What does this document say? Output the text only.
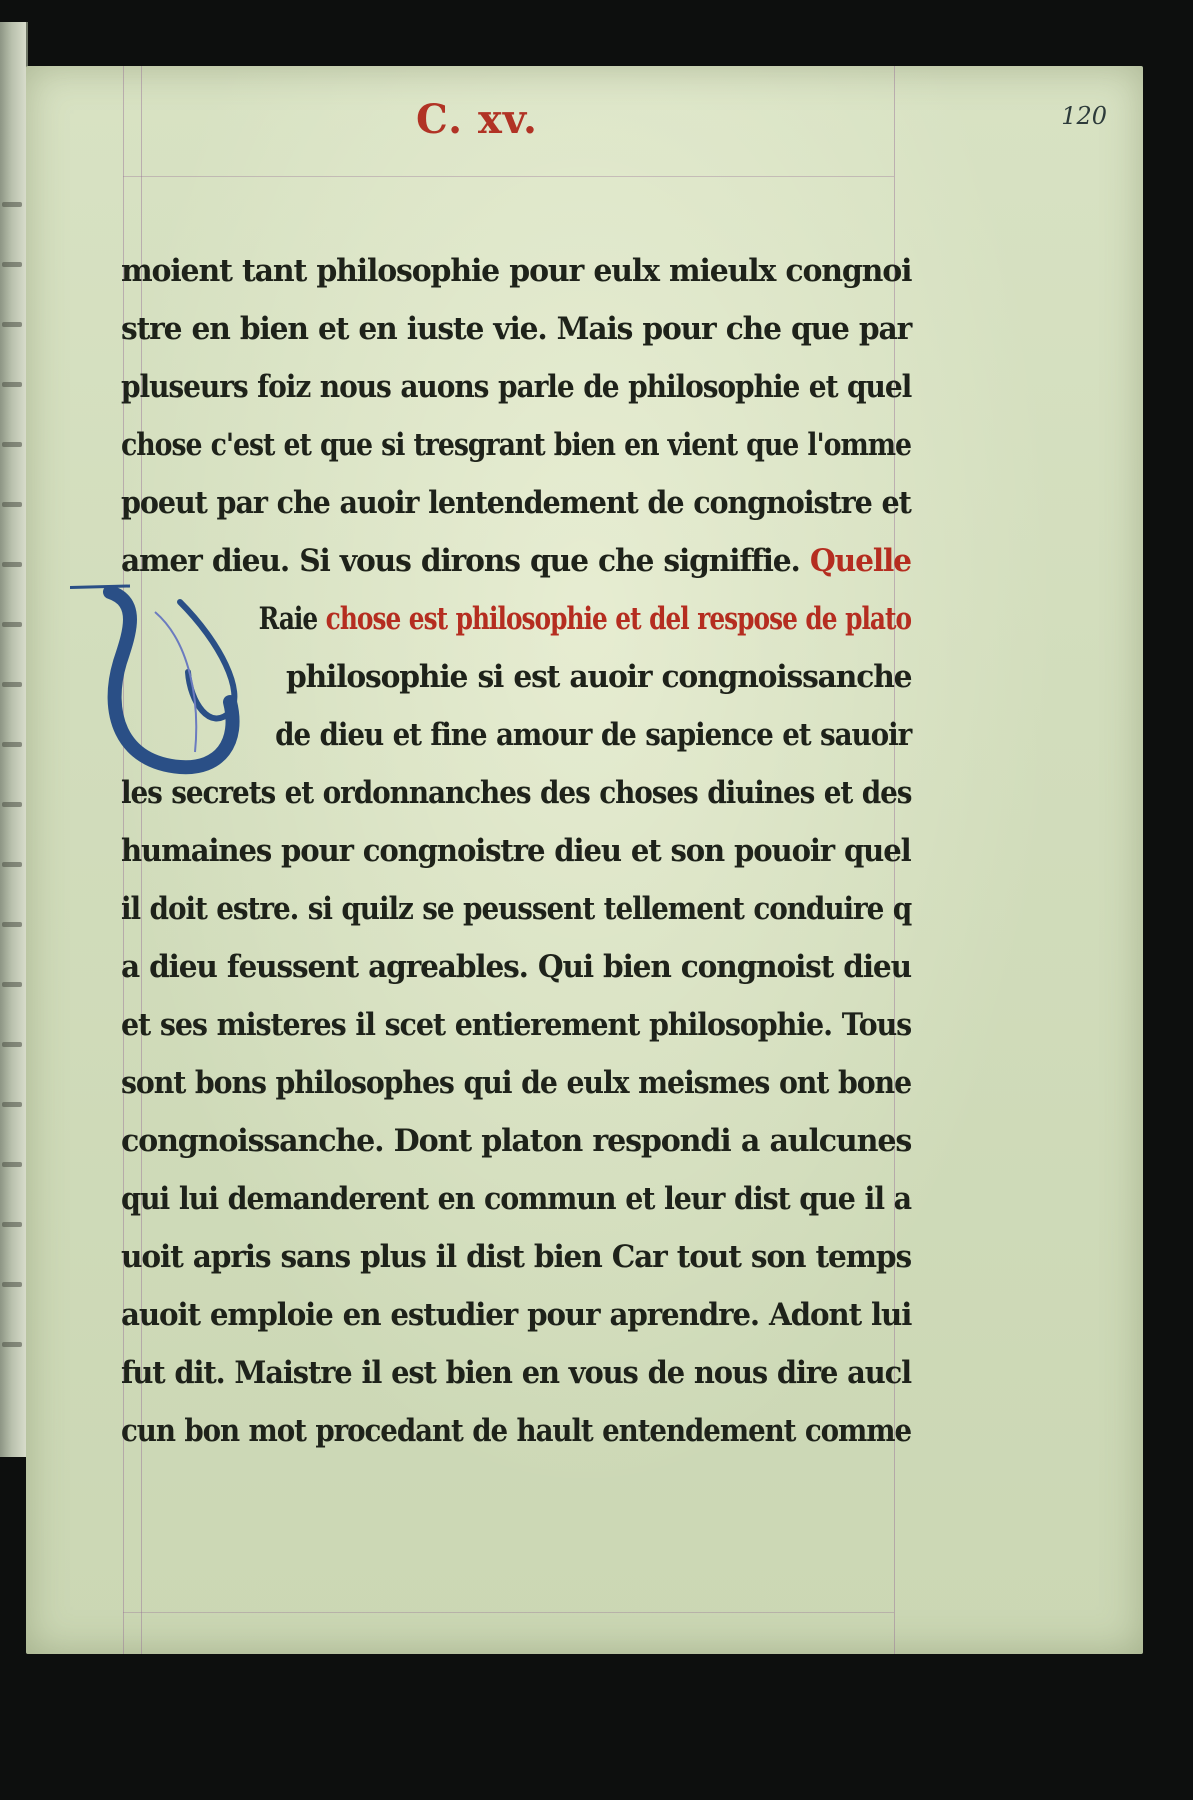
C. xv.	120
moient tant philosophie pour eulx mieulx congnoi
stre en bien et en iuste vie. Mais pour che que par
pluseurs foiz nous auons parle de philosophie et quel
chose c'est et que si tresgrant bien en vient que l'omme
poeut par che auoir lentendement de congnoistre et
amer dieu. Si vous dirons que che signiffie. Quelle
Raie chose est philosophie et del respose de plato
philosophie si est auoir congnoissanche
de dieu et fine amour de sapience et sauoir
les secrets et ordonnanches des choses diuines et des
humaines pour congnoistre dieu et son pouoir quel
il doit estre. si quilz se peussent tellement conduire q
a dieu feussent agreables. Qui bien congnoist dieu
et ses misteres il scet entierement philosophie. Tous
sont bons philosophes qui de eulx meismes ont bone
congnoissanche. Dont platon respondi a aulcunes
qui lui demanderent en commun et leur dist que il a
uoit apris sans plus il dist bien Car tout son temps
auoit emploie en estudier pour aprendre. Adont lui
fut dit. Maistre il est bien en vous de nous dire aucl
cun bon mot procedant de hault entendement comme
